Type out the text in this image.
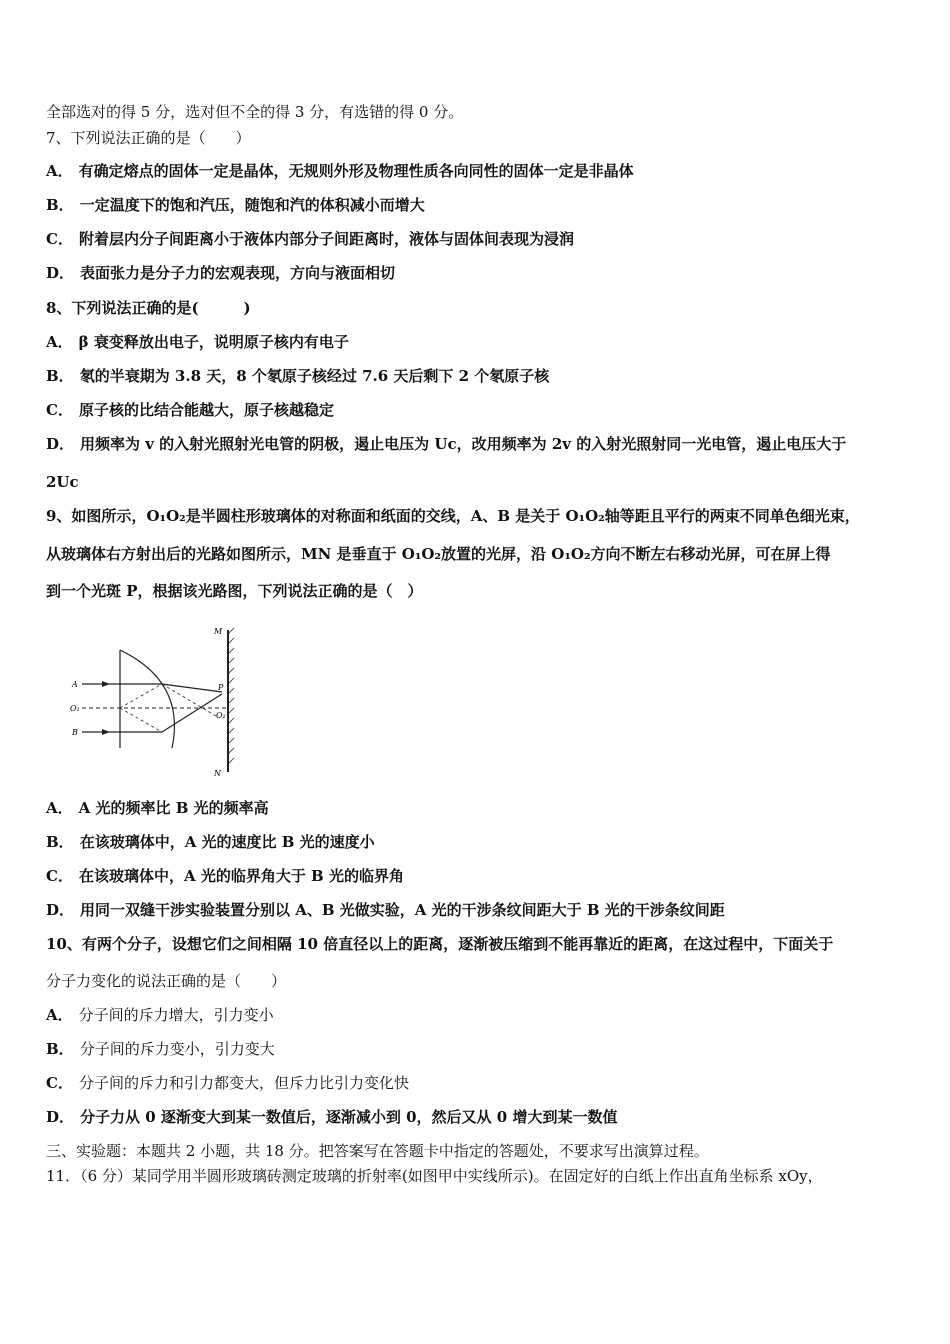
全部选对的得 5 分，选对但不全的得 3 分，有选错的得 0 分。
7、下列说法正确的是（　　）
A． 有确定熔点的固体一定是晶体，无规则外形及物理性质各向同性的固体一定是非晶体
B． 一定温度下的饱和汽压，随饱和汽的体积减小而增大
C． 附着层内分子间距离小于液体内部分子间距离时，液体与固体间表现为浸润
D． 表面张力是分子力的宏观表现，方向与液面相切
8、下列说法正确的是(　　　)
A． β 衰变释放出电子，说明原子核内有电子
B． 氡的半衰期为 3.8 天，8 个氡原子核经过 7.6 天后剩下 2 个氡原子核
C． 原子核的比结合能越大，原子核越稳定
D． 用频率为 v 的入射光照射光电管的阴极，遏止电压为 Uc，改用频率为 2v 的入射光照射同一光电管，遏止电压大于
2Uc
9、如图所示，O₁O₂是半圆柱形玻璃体的对称面和纸面的交线，A、B 是关于 O₁O₂轴等距且平行的两束不同单色细光束，
从玻璃体右方射出后的光路如图所示，MN 是垂直于 O₁O₂放置的光屏，沿 O₁O₂方向不断左右移动光屏，可在屏上得
到一个光斑 P，根据该光路图，下列说法正确的是（　）
M
N
A
B
O₁
O₂
P
A． A 光的频率比 B 光的频率高
B． 在该玻璃体中，A 光的速度比 B 光的速度小
C． 在该玻璃体中，A 光的临界角大于 B 光的临界角
D． 用同一双缝干涉实验装置分别以 A、B 光做实验，A 光的干涉条纹间距大于 B 光的干涉条纹间距
10、有两个分子，设想它们之间相隔 10 倍直径以上的距离，逐渐被压缩到不能再靠近的距离，在这过程中，下面关于
分子力变化的说法正确的是（　　）
A． 分子间的斥力增大，引力变小
B． 分子间的斥力变小，引力变大
C． 分子间的斥力和引力都变大，但斥力比引力变化快
D． 分子力从 0 逐渐变大到某一数值后，逐渐减小到 0，然后又从 0 增大到某一数值
三、实验题：本题共 2 小题，共 18 分。把答案写在答题卡中指定的答题处，不要求写出演算过程。
11．（6 分）某同学用半圆形玻璃砖测定玻璃的折射率(如图甲中实线所示)。在固定好的白纸上作出直角坐标系 xOy，
